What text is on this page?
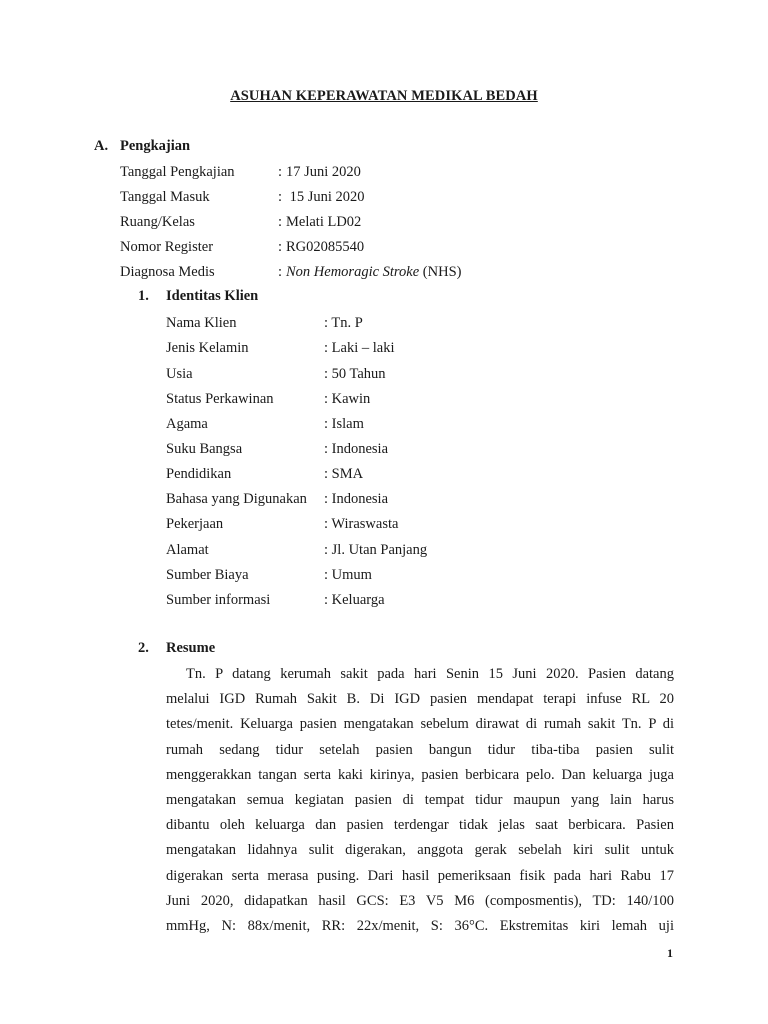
ASUHAN KEPERAWATAN MEDIKAL BEDAH
A. Pengkajian
Tanggal Pengkajian	: 17 Juni 2020
Tanggal Masuk	: 15 Juni 2020
Ruang/Kelas	: Melati LD02
Nomor Register	: RG02085540
Diagnosa Medis	: Non Hemoragic Stroke (NHS)
1. Identitas Klien
Nama Klien	: Tn. P
Jenis Kelamin	: Laki – laki
Usia	: 50 Tahun
Status Perkawinan	: Kawin
Agama	: Islam
Suku Bangsa	: Indonesia
Pendidikan	: SMA
Bahasa yang Digunakan : Indonesia
Pekerjaan	: Wiraswasta
Alamat	: Jl. Utan Panjang
Sumber Biaya	: Umum
Sumber informasi	: Keluarga
2. Resume
Tn. P datang kerumah sakit pada hari Senin 15 Juni 2020. Pasien datang
melalui IGD Rumah Sakit B. Di IGD pasien mendapat terapi infuse RL 20
tetes/menit. Keluarga pasien mengatakan sebelum dirawat di rumah sakit Tn. P di
rumah sedang tidur setelah pasien bangun tidur tiba-tiba pasien sulit
menggerakkan tangan serta kaki kirinya, pasien berbicara pelo. Dan keluarga juga
mengatakan semua kegiatan pasien di tempat tidur maupun yang lain harus
dibantu oleh keluarga dan pasien terdengar tidak jelas saat berbicara. Pasien
mengatakan lidahnya sulit digerakan, anggota gerak sebelah kiri sulit untuk
digerakan serta merasa pusing. Dari hasil pemeriksaan fisik pada hari Rabu 17
Juni 2020, didapatkan hasil GCS: E3 V5 M6 (composmentis), TD: 140/100
mmHg, N: 88x/menit, RR: 22x/menit, S: 36°C. Ekstremitas kiri lemah uji
1
